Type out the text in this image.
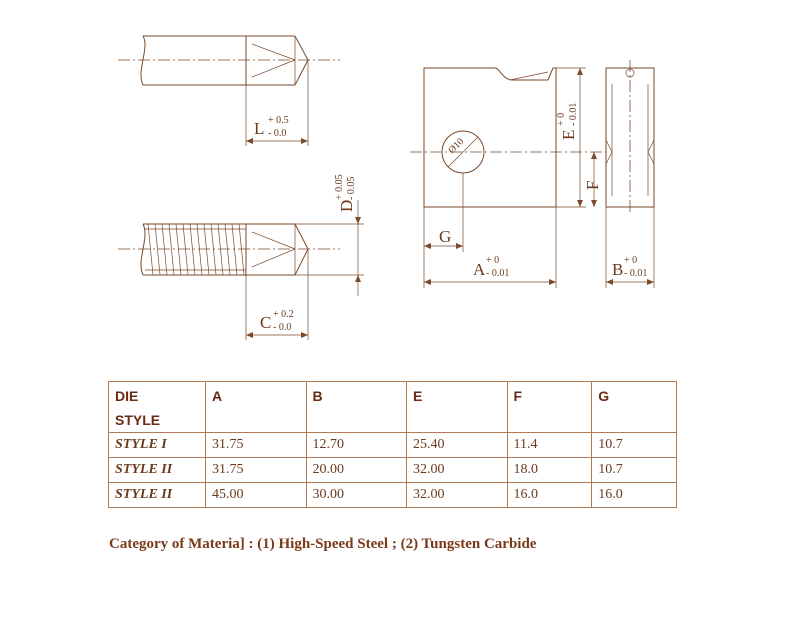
L + 0.5
- 0.0
D
+ 0.05 - 0.05
C + 0.2
- 0.0
Ø10
E
+ 0 - 0.01
F
G
A + 0
- 0.01	B + 0
- 0.01
DIE
STYLE	A	B	E	F	G
STYLE I	31.75	12.70	25.40	11.4	10.7
STYLE II	31.75	20.00	32.00	18.0	10.7
STYLE II	45.00	30.00	32.00	16.0	16.0
Category of Materia] : (1) High-Speed Steel ; (2) Tungsten Carbide
